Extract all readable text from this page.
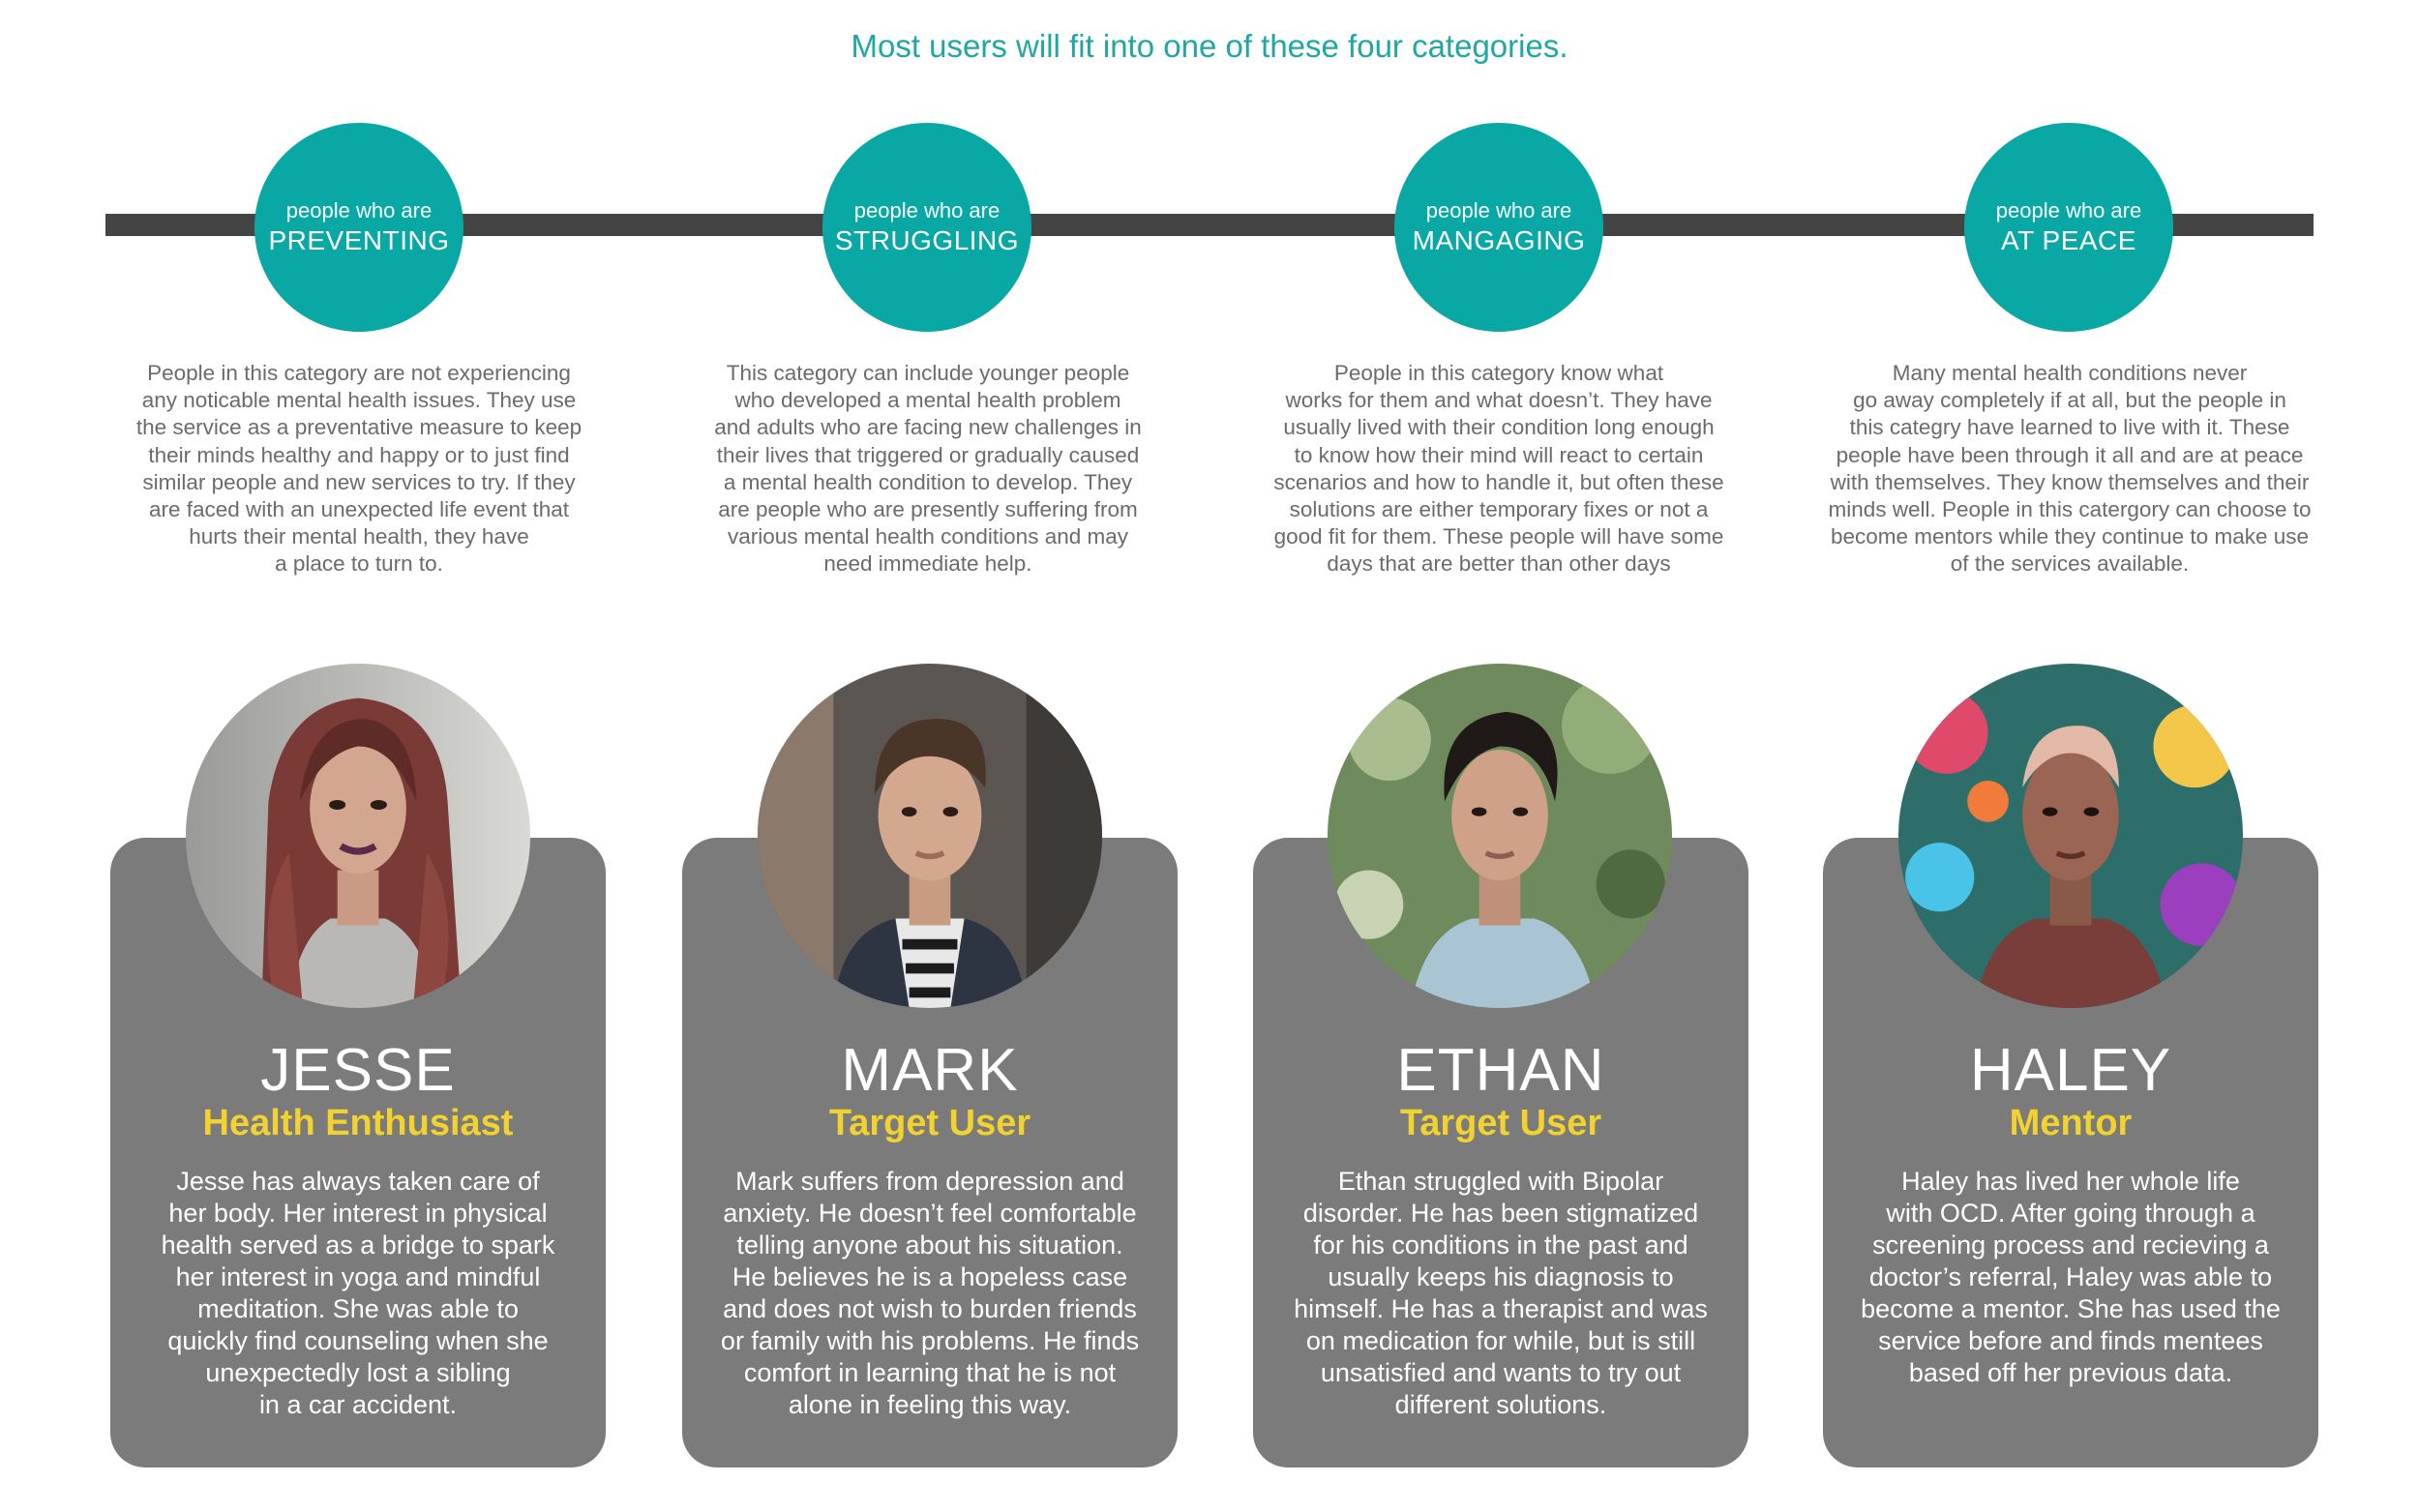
Most users will fit into one of these four categories.
people who are
PREVENTING
people who are
STRUGGLING
people who are
MANGAGING
people who are
AT PEACE
People in this category are not experiencing
any noticable mental health issues. They use
the service as a preventative measure to keep
their minds healthy and happy or to just find
similar people and new services to try. If they
are faced with an unexpected life event that
hurts their mental health, they have
a place to turn to.
This category can include younger people
who developed a mental health problem
and adults who are facing new challenges in
their lives that triggered or gradually caused
a mental health condition to develop. They
are people who are presently suffering from
various mental health conditions and may
need immediate help.
People in this category know what
works for them and what doesn’t. They have
usually lived with their condition long enough
to know how their mind will react to certain
scenarios and how to handle it, but often these
solutions are either temporary fixes or not a
good fit for them. These people will have some
days that are better than other days
Many mental health conditions never
go away completely if at all, but the people in
this categry have learned to live with it. These
people have been through it all and are at peace
with themselves. They know themselves and their
minds well. People in this catergory can choose to
become mentors while they continue to make use
of the services available.
JESSE	MARK	ETHAN	HALEY
Health Enthusiast	Target User	Target User	Mentor
Jesse has always taken care of
her body. Her interest in physical
health served as a bridge to spark
her interest in yoga and mindful
meditation. She was able to
quickly find counseling when she
unexpectedly lost a sibling
in a car accident.
Mark suffers from depression and
anxiety. He doesn’t feel comfortable
telling anyone about his situation.
He believes he is a hopeless case
and does not wish to burden friends
or family with his problems. He finds
comfort in learning that he is not
alone in feeling this way.
Ethan struggled with Bipolar
disorder. He has been stigmatized
for his conditions in the past and
usually keeps his diagnosis to
himself. He has a therapist and was
on medication for while, but is still
unsatisfied and wants to try out
different solutions.
Haley has lived her whole life
with OCD. After going through a
screening process and recieving a
doctor’s referral, Haley was able to
become a mentor. She has used the
service before and finds mentees
based off her previous data.
